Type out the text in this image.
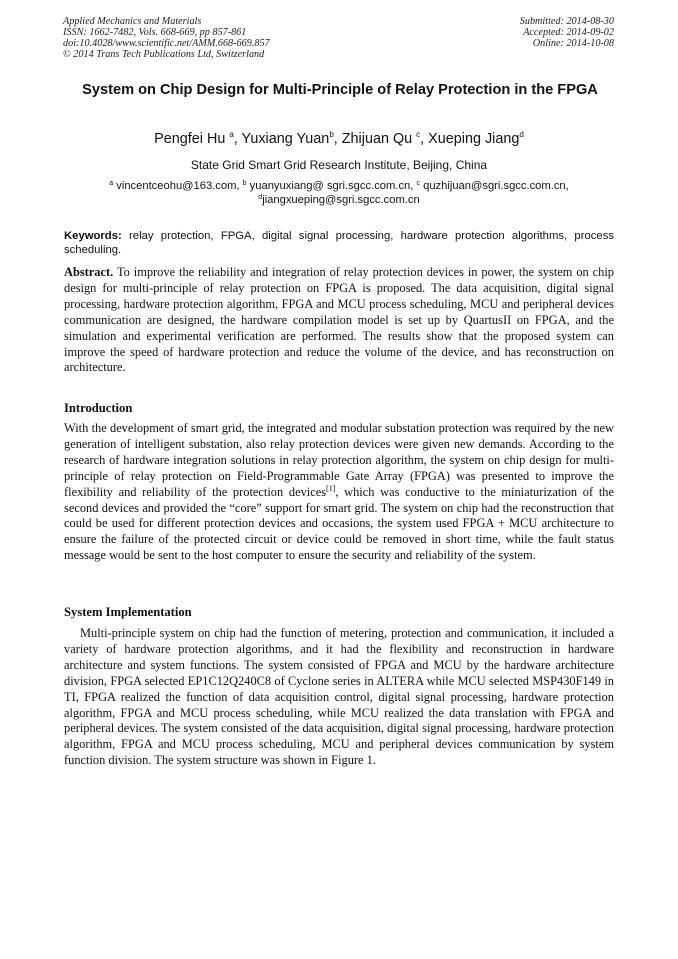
Applied Mechanics and Materials
ISSN: 1662-7482, Vols. 668-669, pp 857-861
doi:10.4028/www.scientific.net/AMM.668-669.857
© 2014 Trans Tech Publications Ltd, Switzerland
Submitted: 2014-08-30
Accepted: 2014-09-02
Online: 2014-10-08
System on Chip Design for Multi-Principle of Relay Protection in the FPGA
Pengfei Hu $^a$, Yuxiang Yuan$^b$, Zhijuan Qu $^c$, Xueping Jiang$^d$
State Grid Smart Grid Research Institute, Beijing, China
$^a$ vincentceohu@163.com, $^b$ yuanyuxiang@ sgri.sgcc.com.cn, $^c$ quzhijuan@sgri.sgcc.com.cn,
$^d$jiangxueping@sgri.sgcc.com.cn
Keywords: relay protection, FPGA, digital signal processing, hardware protection algorithms, process scheduling.
Abstract. To improve the reliability and integration of relay protection devices in power, the system on chip design for multi-principle of relay protection on FPGA is proposed. The data acquisition, digital signal processing, hardware protection algorithm, FPGA and MCU process scheduling, MCU and peripheral devices communication are designed, the hardware compilation model is set up by QuartusII on FPGA, and the simulation and experimental verification are performed. The results show that the proposed system can improve the speed of hardware protection and reduce the volume of the device, and has reconstruction on architecture.
Introduction
With the development of smart grid, the integrated and modular substation protection was required by the new generation of intelligent substation, also relay protection devices were given new demands. According to the research of hardware integration solutions in relay protection algorithm, the system on chip design for multi-principle of relay protection on Field-Programmable Gate Array (FPGA) was presented to improve the flexibility and reliability of the protection devices[1], which was conductive to the miniaturization of the second devices and provided the “core” support for smart grid. The system on chip had the reconstruction that could be used for different protection devices and occasions, the system used FPGA + MCU architecture to ensure the failure of the protected circuit or device could be removed in short time, while the fault status message would be sent to the host computer to ensure the security and reliability of the system.
System Implementation
Multi-principle system on chip had the function of metering, protection and communication, it included a variety of hardware protection algorithms, and it had the flexibility and reconstruction in hardware architecture and system functions. The system consisted of FPGA and MCU by the hardware architecture division, FPGA selected EP1C12Q240C8 of Cyclone series in ALTERA while MCU selected MSP430F149 in TI, FPGA realized the function of data acquisition control, digital signal processing, hardware protection algorithm, FPGA and MCU process scheduling, while MCU realized the data translation with FPGA and peripheral devices. The system consisted of the data acquisition, digital signal processing, hardware protection algorithm, FPGA and MCU process scheduling, MCU and peripheral devices communication by system function division. The system structure was shown in Figure 1.
